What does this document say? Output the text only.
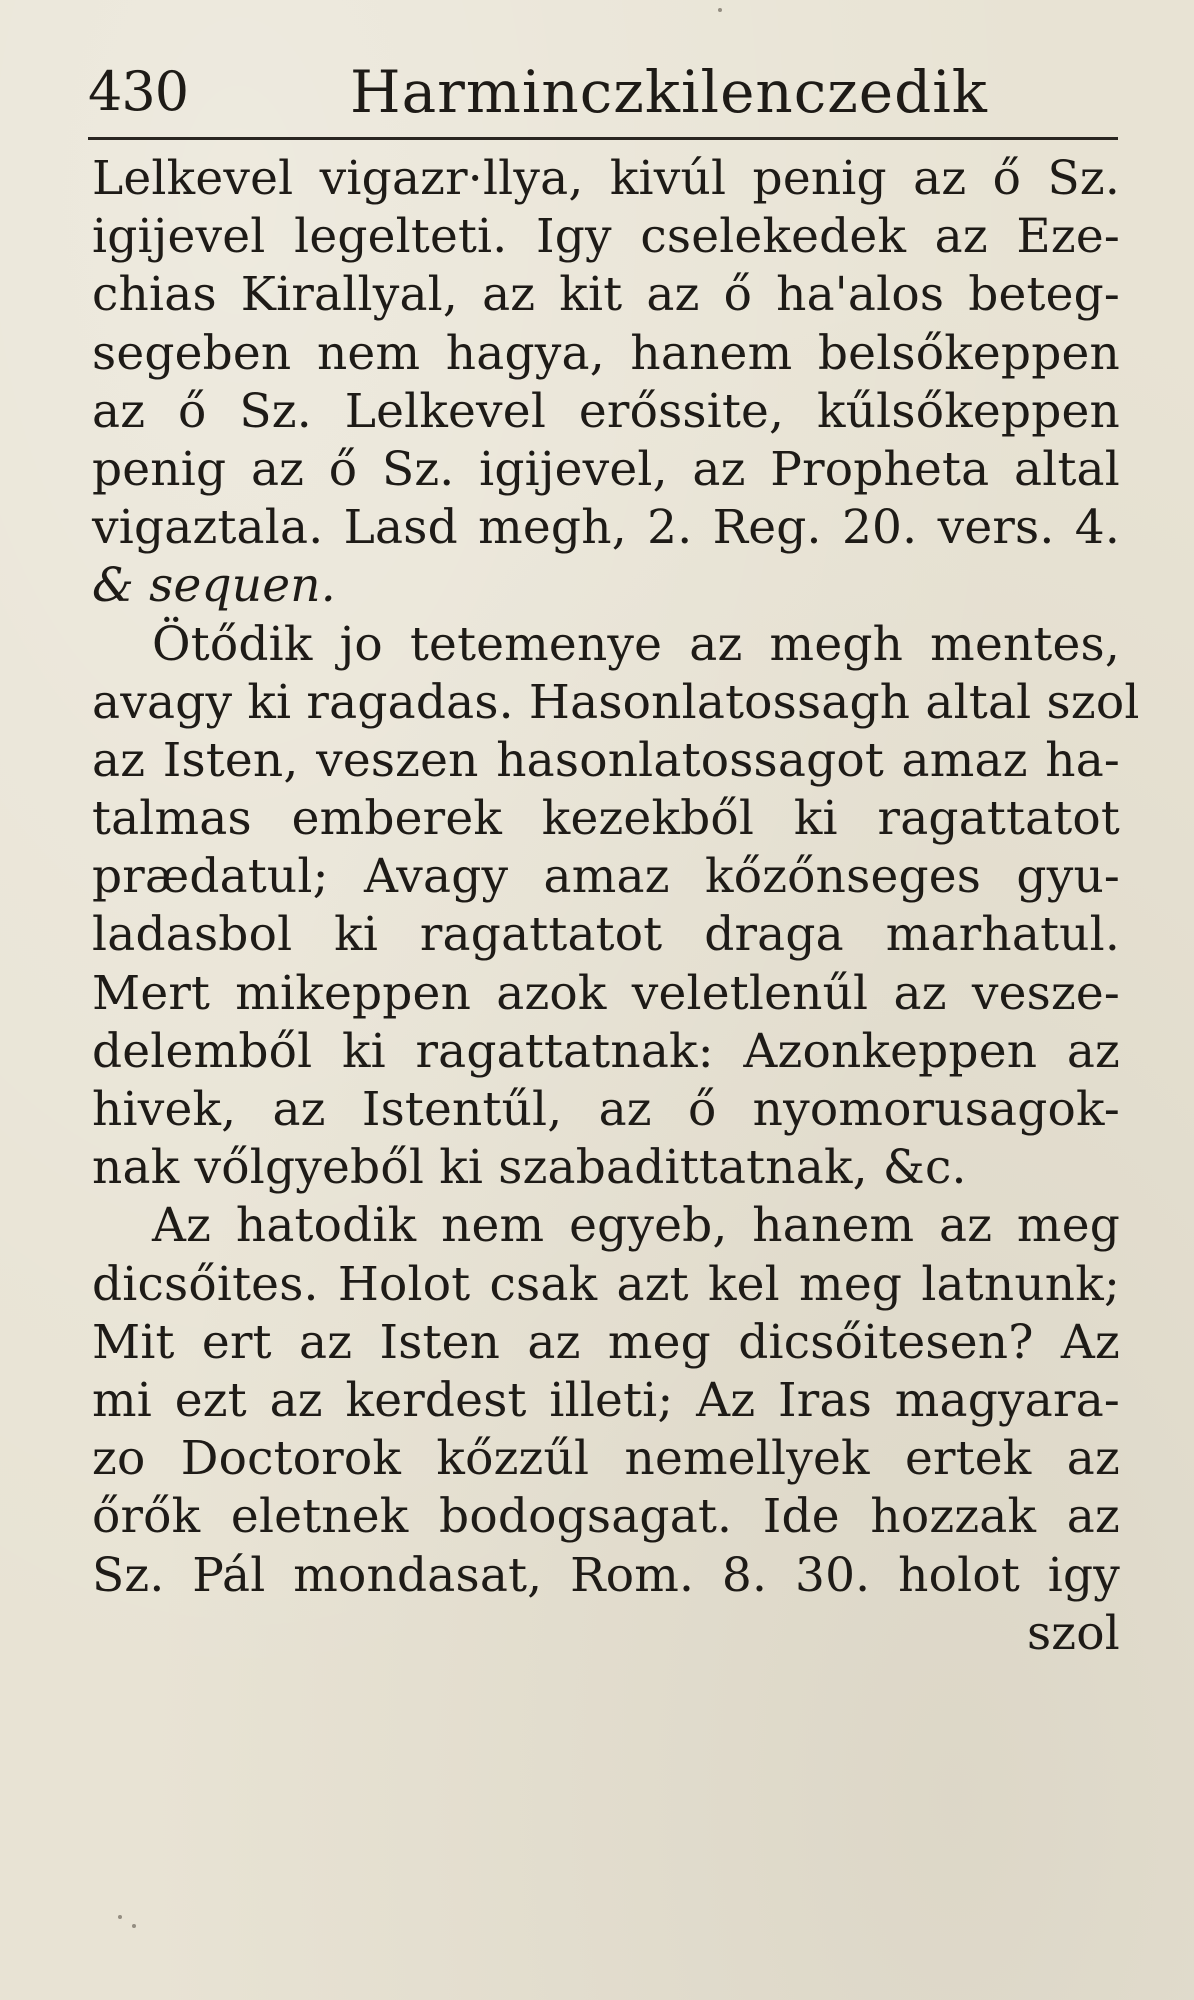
430	Harminczkilenczedik
Lelkevel vigazr·llya, kivúl penig az ő Sz.
igijevel legelteti. Igy cselekedek az Eze-
chias Kirallyal, az kit az ő ha'alos beteg-
segeben nem hagya, hanem belsőkeppen
az ő Sz. Lelkevel erőssite, kűlsőkeppen
penig az ő Sz. igijevel, az Propheta altal
vigaztala. Lasd megh, 2. Reg. 20. vers. 4.
& sequen.
Ötődik jo tetemenye az megh mentes,
avagy ki ragadas. Hasonlatossagh altal szol
az Isten, veszen hasonlatossagot amaz ha-
talmas emberek kezekből ki ragattatot
prædatul; Avagy amaz kőzőnseges gyu-
ladasbol ki ragattatot draga marhatul.
Mert mikeppen azok veletlenűl az vesze-
delemből ki ragattatnak: Azonkeppen az
hivek, az Istentűl, az ő nyomorusagok-
nak vőlgyeből ki szabadittatnak, &c.
Az hatodik nem egyeb, hanem az meg
dicsőites. Holot csak azt kel meg latnunk;
Mit ert az Isten az meg dicsőitesen? Az
mi ezt az kerdest illeti; Az Iras magyara-
zo Doctorok kőzzűl nemellyek ertek az
őrők eletnek bodogsagat. Ide hozzak az
Sz. Pál mondasat, Rom. 8. 30. holot igy
szol
